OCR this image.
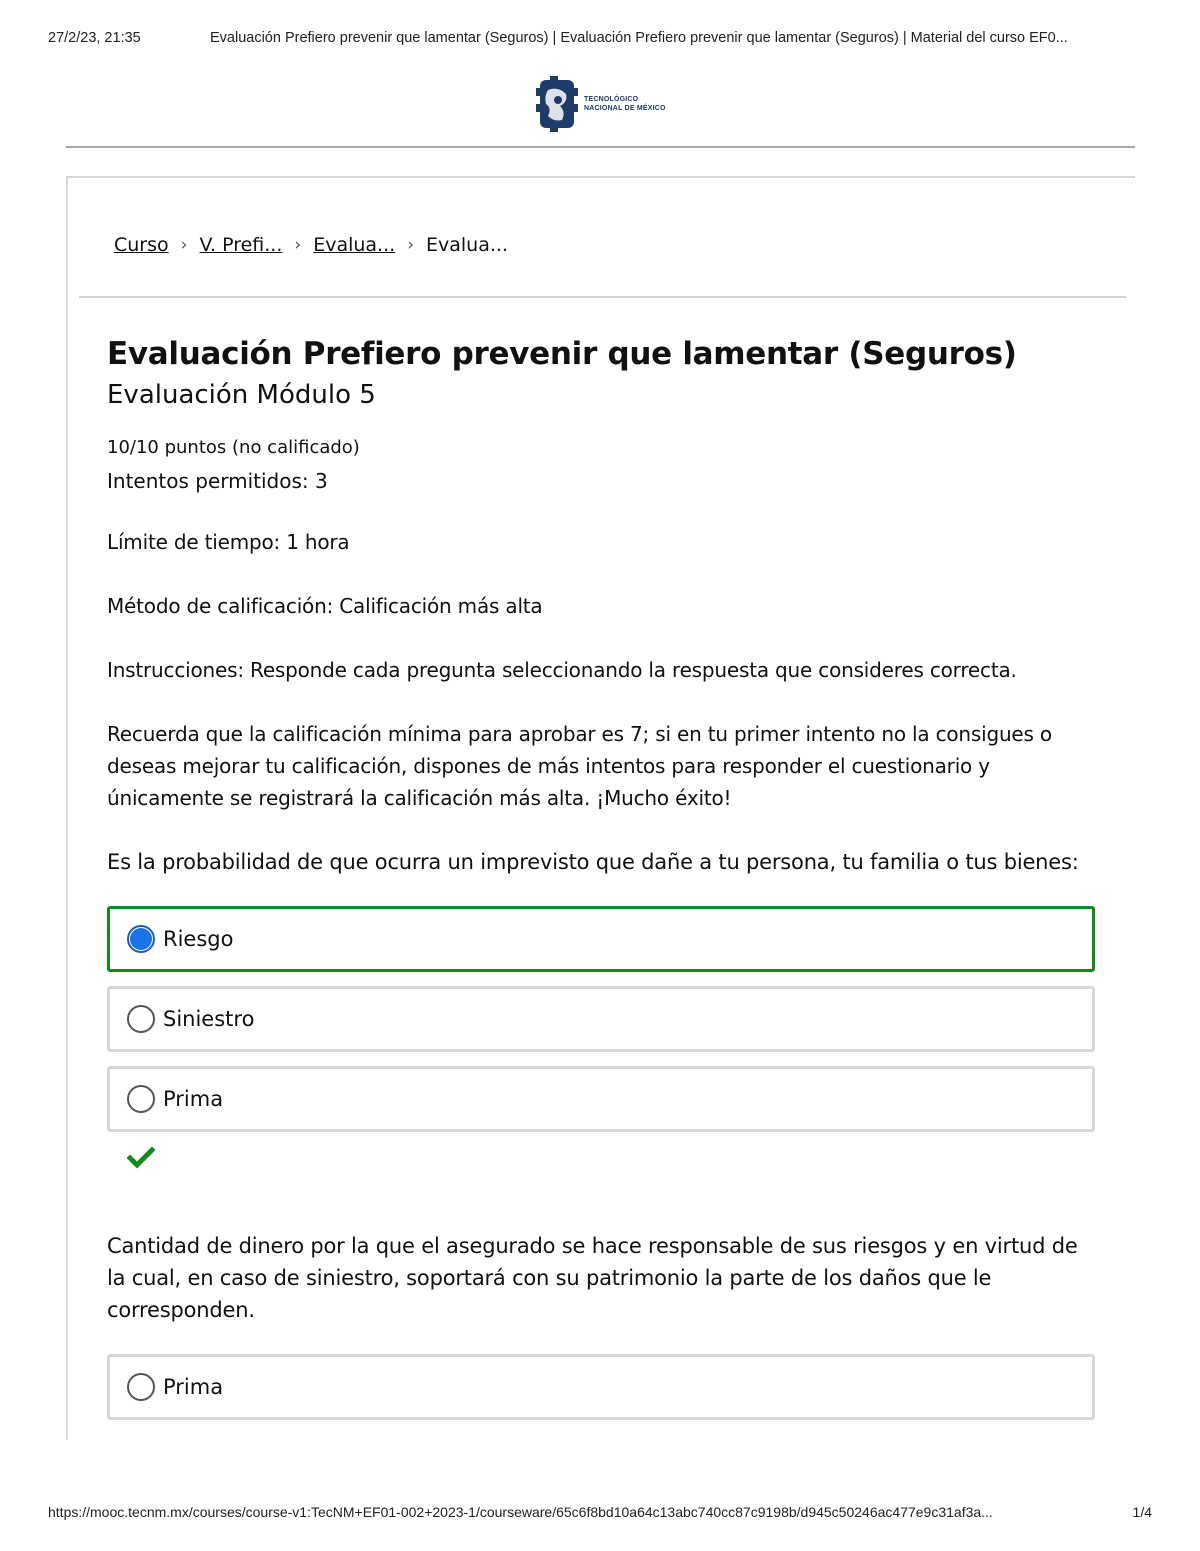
27/2/23, 21:35	Evaluación Prefiero prevenir que lamentar (Seguros) | Evaluación Prefiero prevenir que lamentar (Seguros) | Material del curso EF0...
TECNOLÓGICO
NACIONAL DE MÉXICO
Curso › V. Prefi... › Evalua... › Evalua...
Evaluación Prefiero prevenir que lamentar (Seguros)
Evaluación Módulo 5
10/10 puntos (no calificado)
Intentos permitidos: 3
Límite de tiempo: 1 hora
Método de calificación: Calificación más alta
Instrucciones: Responde cada pregunta seleccionando la respuesta que consideres correcta.
Recuerda que la calificación mínima para aprobar es 7; si en tu primer intento no la consigues o deseas mejorar tu calificación, dispones de más intentos para responder el cuestionario y únicamente se registrará la calificación más alta. ¡Mucho éxito!
Es la probabilidad de que ocurra un imprevisto que dañe a tu persona, tu familia o tus bienes:
Riesgo
Siniestro
Prima
Cantidad de dinero por la que el asegurado se hace responsable de sus riesgos y en virtud de la cual, en caso de siniestro, soportará con su patrimonio la parte de los daños que le corresponden.
Prima
https://mooc.tecnm.mx/courses/course-v1:TecNM+EF01-002+2023-1/courseware/65c6f8bd10a64c13abc740cc87c9198b/d945c50246ac477e9c31af3a...	1/4
